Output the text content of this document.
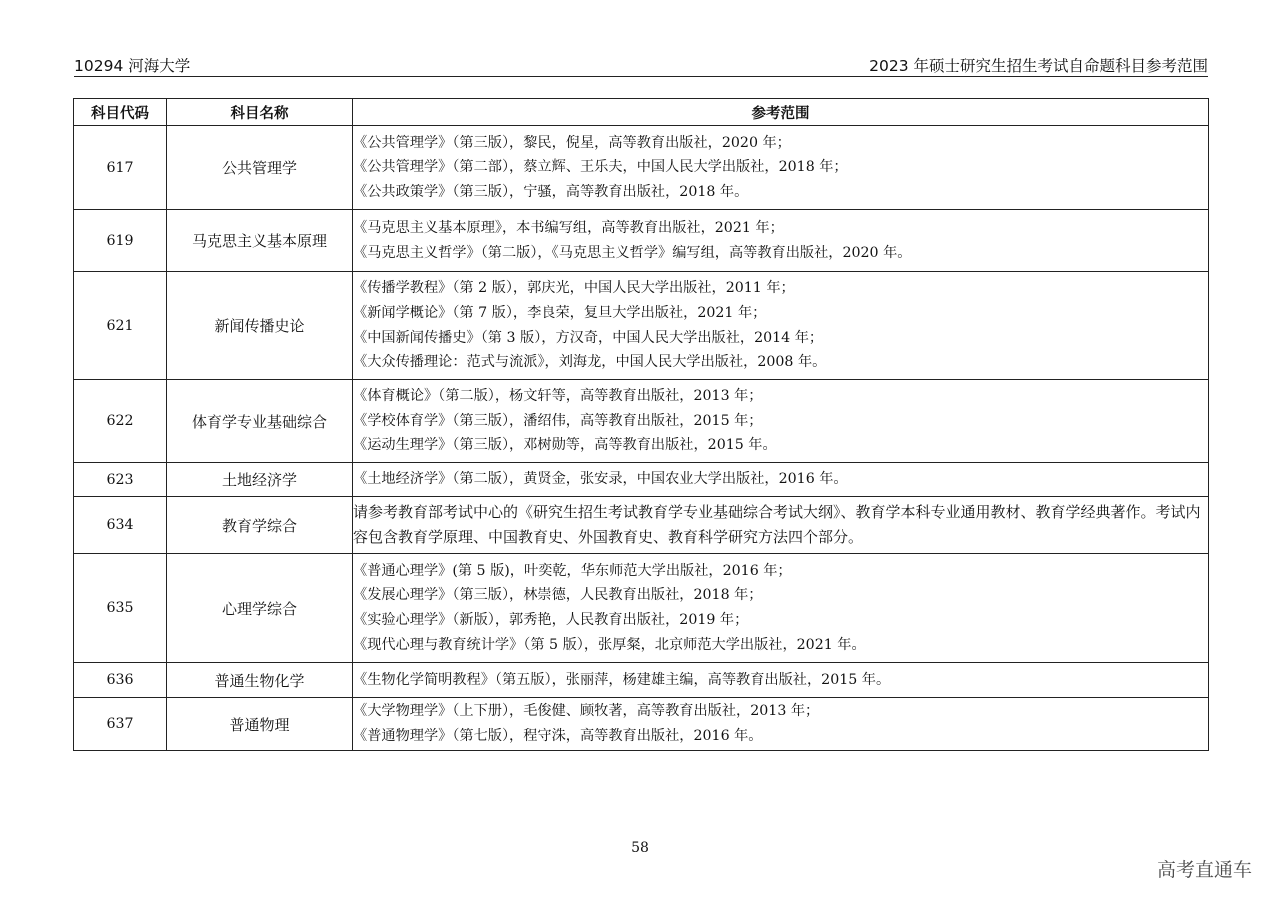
10294 河海大学	2023 年硕士研究生招生考试自命题科目参考范围
科目代码	科目名称	参考范围
617	公共管理学	《公共管理学》（第三版），黎民，倪星，高等教育出版社，2020 年；
《公共管理学》（第二部），蔡立辉、王乐夫，中国人民大学出版社，2018 年；
《公共政策学》（第三版），宁骚，高等教育出版社，2018 年。

619	马克思主义基本原理	《马克思主义基本原理》，本书编写组，高等教育出版社，2021 年；
《马克思主义哲学》（第二版），《马克思主义哲学》编写组，高等教育出版社，2020 年。

621	新闻传播史论	《传播学教程》（第 2 版），郭庆光，中国人民大学出版社，2011 年；
《新闻学概论》（第 7 版），李良荣，复旦大学出版社，2021 年；
《中国新闻传播史》（第 3 版），方汉奇，中国人民大学出版社，2014 年；
《大众传播理论：范式与流派》，刘海龙，中国人民大学出版社，2008 年。

622	体育学专业基础综合	《体育概论》（第二版），杨文轩等，高等教育出版社，2013 年；
《学校体育学》（第三版），潘绍伟，高等教育出版社，2015 年；
《运动生理学》（第三版），邓树勋等，高等教育出版社，2015 年。

623	土地经济学	《土地经济学》（第二版），黄贤金，张安录，中国农业大学出版社，2016 年。

634	教育学综合	请参考教育部考试中心的《研究生招生考试教育学专业基础综合考试大纲》、教育学本科专业通用教材、教育学经典著作。考试内容包含教育学原理、中国教育史、外国教育史、教育科学研究方法四个部分。

635	心理学综合	《普通心理学》(第 5 版)，叶奕乾，华东师范大学出版社，2016 年；
《发展心理学》（第三版），林崇德，人民教育出版社，2018 年；
《实验心理学》（新版），郭秀艳，人民教育出版社，2019 年；
《现代心理与教育统计学》（第 5 版），张厚粲，北京师范大学出版社，2021 年。

636	普通生物化学	《生物化学简明教程》（第五版），张丽萍，杨建雄主编，高等教育出版社，2015 年。

637	普通物理	《大学物理学》（上下册），毛俊健、顾牧著，高等教育出版社，2013 年；
《普通物理学》（第七版），程守洙，高等教育出版社，2016 年。
58
高考直通车
